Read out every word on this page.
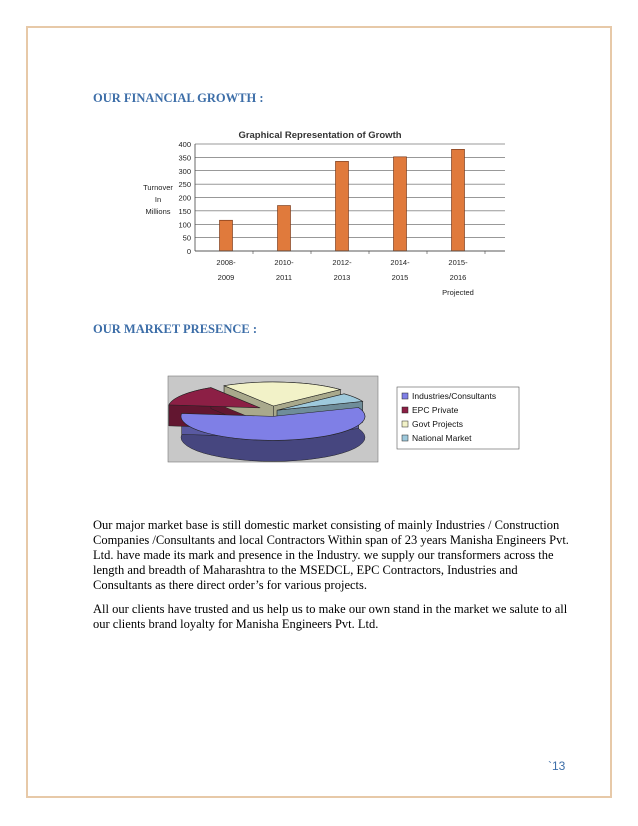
OUR FINANCIAL GROWTH :
Graphical Representation of Growth
Turnover
In
Millions
0
50
100
150
200
250
300
350
400
2008-
2009
2010-
2011
2012-
2013
2014-
2015
2015-
2016
Projected
OUR MARKET PRESENCE :
Industries/Consultants
EPC Private
Govt Projects
National Market

Our major market base is still domestic market consisting of mainly Industries / Construction Companies /Consultants and local Contractors Within span of 23 years Manisha Engineers Pvt. Ltd. have made its mark and presence in the Industry. we supply our transformers across the length and breadth of Maharashtra to the MSEDCL, EPC Contractors, Industries and Consultants as there direct order’s for various projects.

All our clients have trusted and us help us to make our own stand in the market we salute to all our clients brand loyalty for Manisha Engineers Pvt. Ltd.

`13
